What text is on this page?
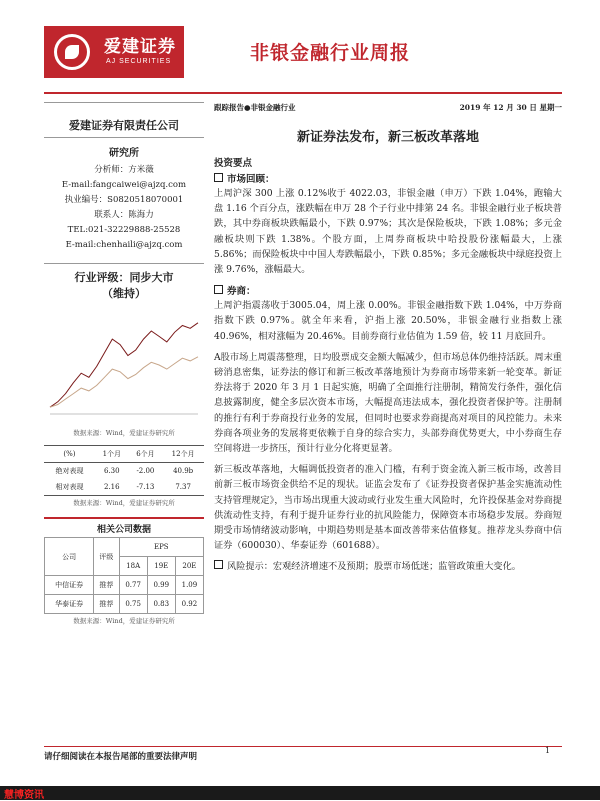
爱建证券
AJ SECURITIES	非银金融行业周报
爱建证券有限责任公司
研究所
分析师：方米薇
E-mail:fangcaiwei@ajzq.com
执业编号：S0820518070001
联系人：陈海力
TEL:021-32229888-25528
E-mail:chenhaili@ajzq.com
行业评级：同步大市
（维持）
数据来源：Wind，爱建证券研究所
(%)	1个月	6个月	12个月
绝对表现	6.30	-2.00	40.9b
相对表现	2.16	-7.13	7.37
数据来源：Wind，爱建证券研究所
相关公司数据
公司	评级	EPS		
		18A	19E	20E
中信证券	推荐	0.77	0.99	1.09
华泰证券	推荐	0.75	0.83	0.92
数据来源：Wind，爱建证券研究所
跟踪报告●非银金融行业	2019 年 12 月 30 日 星期一
新证券法发布，新三板改革落地
投资要点
市场回顾：
上周沪深 300 上涨 0.12%收于 4022.03，非银金融（申万）下跌 1.04%，跑输大盘 1.16 个百分点，涨跌幅在申万 28 个子行业中排第 24 名。非银金融行业子板块普跌，其中券商板块跌幅最小，下跌 0.97%；其次是保险板块，下跌 1.08%；多元金融板块则下跌 1.38%。个股方面，上周券商板块中哈投股份涨幅最大，上涨 5.86%；而保险板块中中国人寿跌幅最小，下跌 0.85%；多元金融板块中绿庭投资上涨 9.76%，涨幅最大。
券商：
上周沪指震荡收于3005.04，周上涨 0.00%。非银金融指数下跌 1.04%，中万券商指数下跌 0.97%。就全年来看，沪指上涨 20.50%，非银金融行业指数上涨 40.96%，相对涨幅为 20.46%。目前券商行业估值为 1.59 倍，较 11 月底回升。
A股市场上周震荡整理，日均股票成交金额大幅减少，但市场总体仍维持活跃。周末重磅消息密集，证券法的修订和新三板改革落地预计为券商市场带来新一轮变革。新证券法将于 2020 年 3 月 1 日起实施，明确了全面推行注册制，精简发行条件，强化信息披露制度，健全多层次资本市场，大幅提高违法成本，强化投资者保护等。注册制的推行有利于券商投行业务的发展，但同时也要求券商提高对项目的风控能力。未来券商各项业务的发展将更依赖于自身的综合实力，头部券商优势更大，中小券商生存空间将进一步挤压，预计行业分化将更显著。
新三板改革落地，大幅调低投资者的准入门槛，有利于资金流入新三板市场，改善目前新三板市场资金供给不足的现状。证监会发布了《证券投资者保护基金实施流动性支持管理规定》，当市场出现重大波动或行业发生重大风险时，允许投保基金对券商提供流动性支持，有利于提升证券行业的抗风险能力，保障资本市场稳步发展。券商短期受市场情绪波动影响，中期趋势则是基本面改善带来估值修复。推荐龙头券商中信证券（600030）、华泰证券（601688）。
风险提示：宏观经济增速不及预期；股票市场低迷；监管政策重大变化。
请仔细阅读在本报告尾部的重要法律声明
1
慧博资讯
